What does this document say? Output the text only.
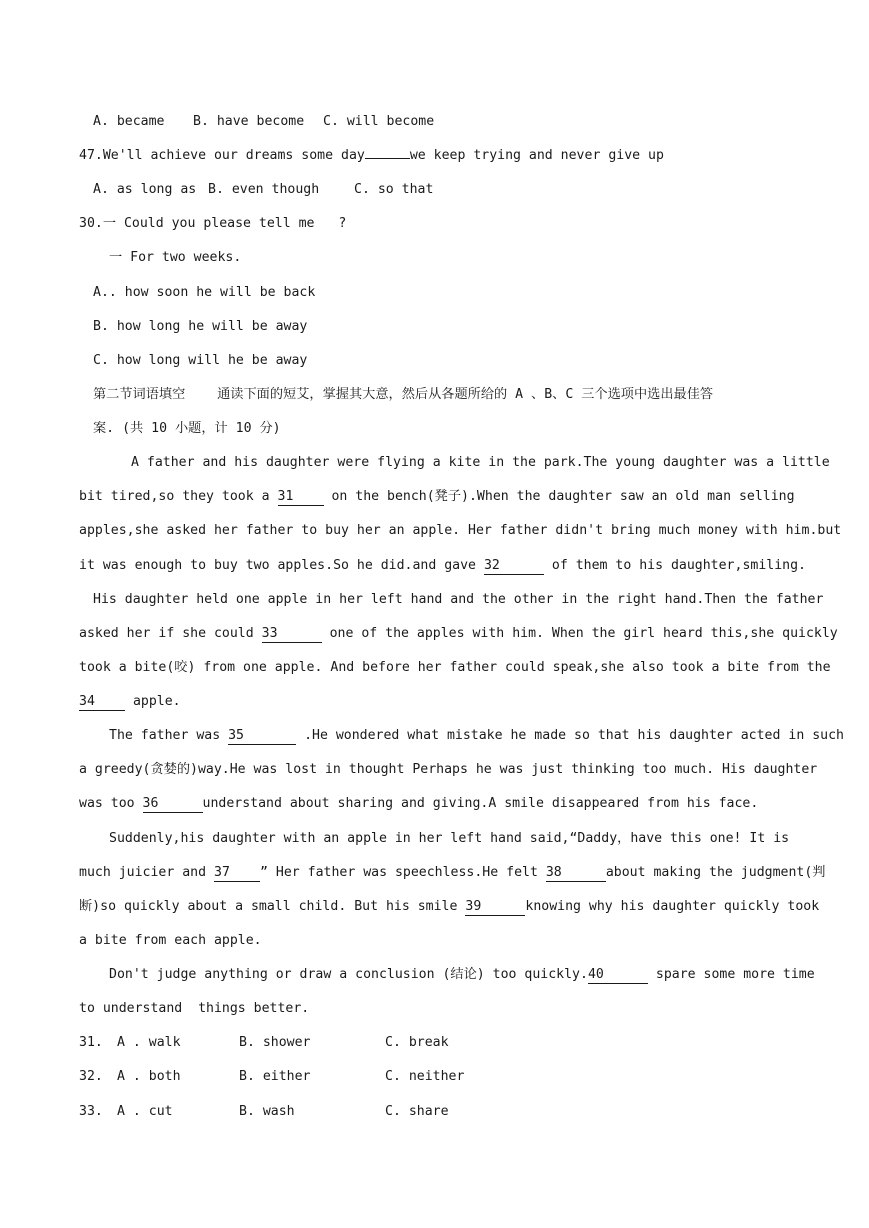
A. became B. have become C. will become
47.We'll achieve our dreams some day	we keep trying and never give up
A. as long as B. even though	C. so that
30.一 Could you please tell me   ?
一 For two weeks.
A.. how soon he will be back
B. how long he will be away
C. how long will he be away
第二节词语填空    通读下面的短艾，掌握其大意，然后从各题所给的 A 、B、C 三个选项中选出最佳答
案. (共 10 小题，计 10 分)
A father and his daughter were flying a kite in the park.The young daughter was a little
bit tired,so they took a 31	on the bench(凳子).When the daughter saw an old man selling
apples,she asked her father to buy her an apple. Her father didn't bring much money with him.but
it was enough to buy two apples.So he did.and gave 32	of them to his daughter,smiling.
His daughter held one apple in her left hand and the other in the right hand.Then the father
asked her if she could 33	one of the apples with him. When the girl heard this,she quickly
took a bite(咬) from one apple. And before her father could speak,she also took a bite from the
34	apple.
The father was 35	.He wondered what mistake he made so that his daughter acted in such
a greedy(贪婪的)way.He was lost in thought Perhaps he was just thinking too much. His daughter
was too 36	understand about sharing and giving.A smile disappeared from his face.
Suddenly,his daughter with an apple in her left hand said,“Daddy，have this one! It is
much juicier and 37 ” Her father was speechless.He felt 38	about making the judgment(判
断)so quickly about a small child. But his smile 39	knowing why his daughter quickly took
a bite from each apple.
Don't judge anything or draw a conclusion (结论) too quickly.40	spare some more time
to understand  things better.
31. A . walk	B. shower	C. break
32. A . both	B. either	C. neither
33. A . cut	B. wash	C. share
